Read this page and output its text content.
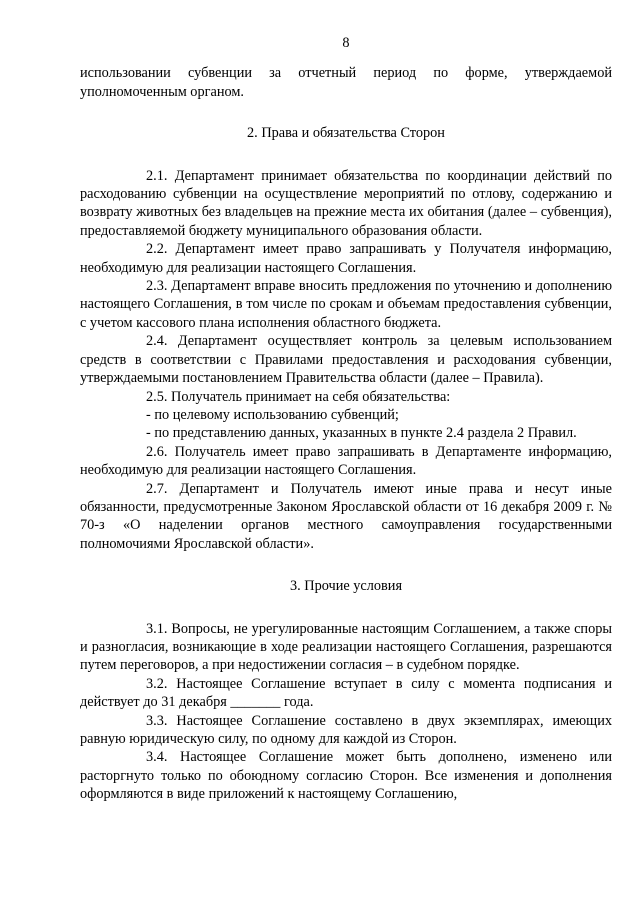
8

использовании субвенции за отчетный период по форме, утверждаемой уполномоченным органом.

2. Права и обязательства Сторон

2.1. Департамент принимает обязательства по координации действий по расходованию субвенции на осуществление мероприятий по отлову, содержанию и возврату животных без владельцев на прежние места их обитания (далее – субвенция), предоставляемой бюджету муниципального образования области.

2.2. Департамент имеет право запрашивать у Получателя информацию, необходимую для реализации настоящего Соглашения.

2.3. Департамент вправе вносить предложения по уточнению и дополнению настоящего Соглашения, в том числе по срокам и объемам предоставления субвенции, с учетом кассового плана исполнения областного бюджета.

2.4. Департамент осуществляет контроль за целевым использованием средств в соответствии с Правилами предоставления и расходования субвенции, утверждаемыми постановлением Правительства области (далее – Правила).

2.5. Получатель принимает на себя обязательства:

- по целевому использованию субвенций;

- по представлению данных, указанных в пункте 2.4 раздела 2 Правил.

2.6. Получатель имеет право запрашивать в Департаменте информацию, необходимую для реализации настоящего Соглашения.

2.7. Департамент и Получатель имеют иные права и несут иные обязанности, предусмотренные Законом Ярославской области от 16 декабря 2009 г. № 70-з «О наделении органов местного самоуправления государственными полномочиями Ярославской области».

3. Прочие условия

3.1. Вопросы, не урегулированные настоящим Соглашением, а также споры и разногласия, возникающие в ходе реализации настоящего Соглашения, разрешаются путем переговоров, а при недостижении согласия – в судебном порядке.

3.2. Настоящее Соглашение вступает в силу с момента подписания и действует до 31 декабря _______ года.

3.3. Настоящее Соглашение составлено в двух экземплярах, имеющих равную юридическую силу, по одному для каждой из Сторон.

3.4. Настоящее Соглашение может быть дополнено, изменено или расторгнуто только по обоюдному согласию Сторон. Все изменения и дополнения оформляются в виде приложений к настоящему Соглашению,
